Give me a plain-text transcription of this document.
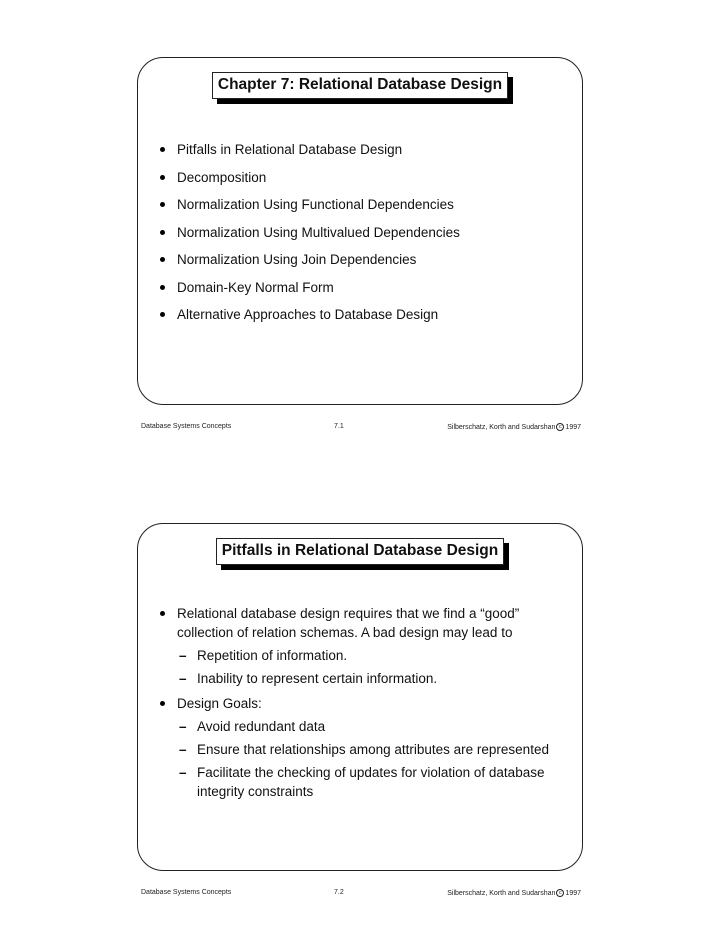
Chapter 7: Relational Database Design
Pitfalls in Relational Database Design
Decomposition
Normalization Using Functional Dependencies
Normalization Using Multivalued Dependencies
Normalization Using Join Dependencies
Domain-Key Normal Form
Alternative Approaches to Database Design
Database Systems Concepts	7.1	Silberschatz, Korth and Sudarshan c 1997
Pitfalls in Relational Database Design
Relational database design requires that we find a “good” collection of relation schemas. A bad design may lead to
– Repetition of information.
– Inability to represent certain information.
Design Goals:
– Avoid redundant data
– Ensure that relationships among attributes are represented
– Facilitate the checking of updates for violation of database integrity constraints
Database Systems Concepts	7.2	Silberschatz, Korth and Sudarshan c 1997
